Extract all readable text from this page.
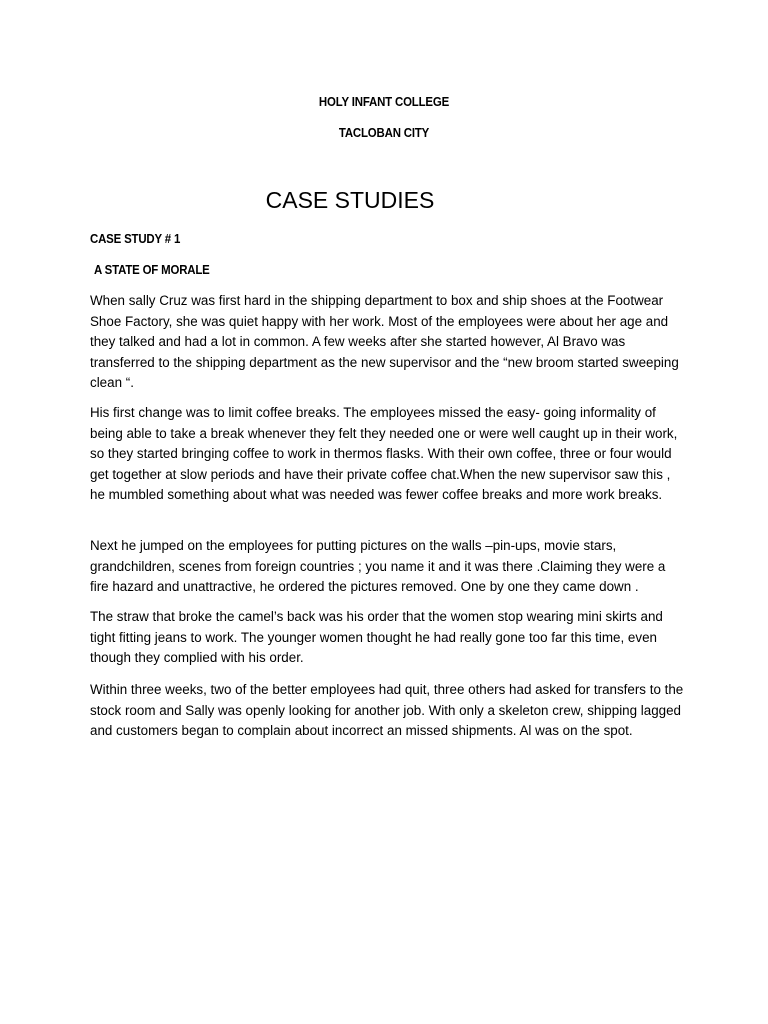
HOLY INFANT COLLEGE
TACLOBAN CITY
CASE STUDIES
CASE STUDY # 1
A STATE OF MORALE

When sally Cruz was first hard in the shipping department to box and ship shoes at the Footwear Shoe Factory, she was quiet happy with her work. Most of the employees were about her age and they talked and had a lot in common. A few weeks after she started however, Al Bravo was transferred to the shipping department as the new supervisor and the “new broom started sweeping clean “.

His first change was to limit coffee breaks. The employees missed the easy- going informality of being able to take a break whenever they felt they needed one or were well caught up in their work, so they started bringing coffee to work in thermos flasks. With their own coffee, three or four would get together at slow periods and have their private coffee chat.When the new supervisor saw this , he mumbled something about what was needed was fewer coffee breaks and more work breaks.

Next he jumped on the employees for putting pictures on the walls –pin-ups, movie stars, grandchildren, scenes from foreign countries ; you name it and it was there .Claiming they were a fire hazard and unattractive, he ordered the pictures removed. One by one they came down .

The straw that broke the camel’s back was his order that the women stop wearing mini skirts and tight fitting jeans to work. The younger women thought he had really gone too far this time, even though they complied with his order.

Within three weeks, two of the better employees had quit, three others had asked for transfers to the stock room and Sally was openly looking for another job. With only a skeleton crew, shipping lagged and customers began to complain about incorrect an missed shipments. Al was on the spot.
